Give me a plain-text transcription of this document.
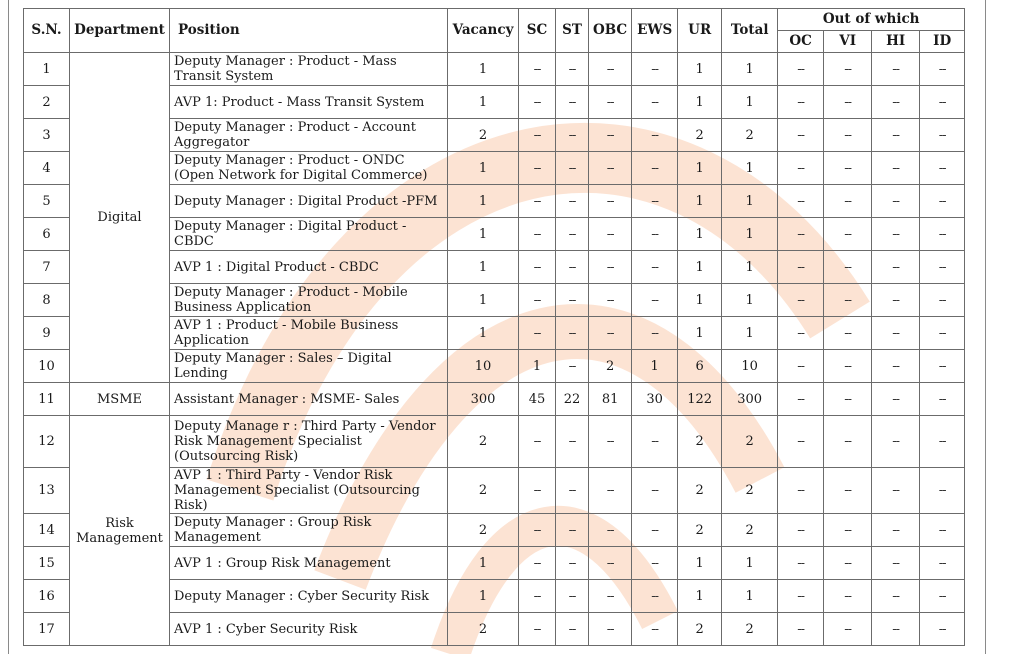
S.N.	Department	Position	Vacancy	SC	ST	OBC	EWS	UR	Total	Out of which			
										OC	VI	HI	ID
1	Digital	Deputy Manager : Product - Mass Transit System	1	--	--	--	--	1	1	--	--	--	--
2		AVP 1: Product - Mass Transit System	1	--	--	--	--	1	1	--	--	--	--
3		Deputy Manager : Product - Account Aggregator	2	--	--	--	--	2	2	--	--	--	--
4		Deputy Manager : Product - ONDC (Open Network for Digital Commerce)	1	--	--	--	--	1	1	--	--	--	--
5		Deputy Manager : Digital Product -PFM	1	--	--	--	--	1	1	--	--	--	--
6		Deputy Manager : Digital Product - CBDC	1	--	--	--	--	1	1	--	--	--	--
7		AVP 1 : Digital Product - CBDC	1	--	--	--	--	1	1	--	--	--	--
8		Deputy Manager : Product - Mobile Business Application	1	--	--	--	--	1	1	--	--	--	--
9		AVP 1 : Product - Mobile Business Application	1	--	--	--	--	1	1	--	--	--	--
10		Deputy Manager : Sales – Digital Lending	10	1	--	2	1	6	10	--	--	--	--
11	MSME	Assistant Manager : MSME- Sales	300	45	22	81	30	122	300	--	--	--	--
12	Risk Management	Deputy Manage r : Third Party - Vendor Risk Management Specialist (Outsourcing Risk)	2	--	--	--	--	2	2	--	--	--	--
13		AVP 1 : Third Party - Vendor Risk Management Specialist (Outsourcing Risk)	2	--	--	--	--	2	2	--	--	--	--
14		Deputy Manager : Group Risk Management	2	--	--	--	--	2	2	--	--	--	--
15		AVP 1 : Group Risk Management	1	--	--	--	--	1	1	--	--	--	--
16		Deputy Manager : Cyber Security Risk	1	--	--	--	--	1	1	--	--	--	--
17		AVP 1 : Cyber Security Risk	2	--	--	--	--	2	2	--	--	--	--
